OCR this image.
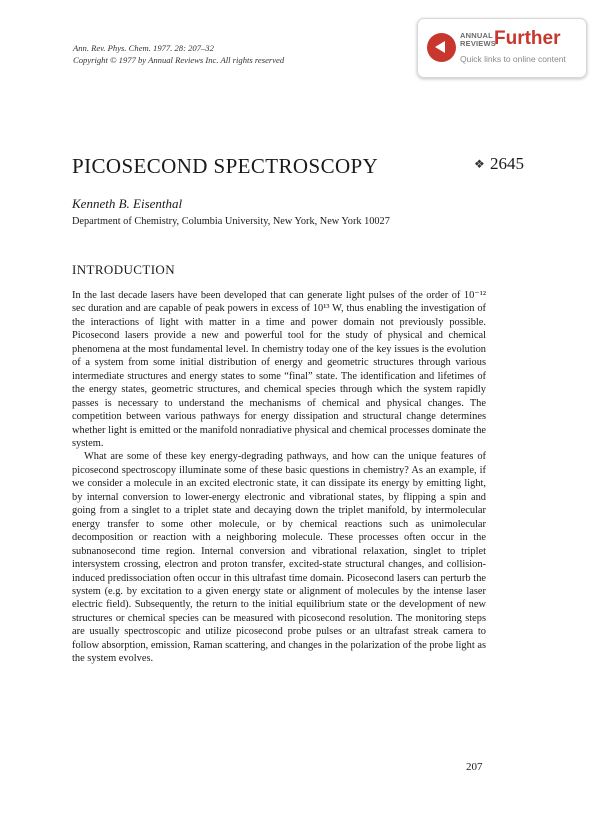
Ann. Rev. Phys. Chem. 1977. 28: 207–32
Copyright © 1977 by Annual Reviews Inc. All rights reserved
ANNUAL
REVIEWS
Further
Quick links to online content
PICOSECOND SPECTROSCOPY	❖ 2645
Kenneth B. Eisenthal
Department of Chemistry, Columbia University, New York, New York 10027
INTRODUCTION

In the last decade lasers have been developed that can generate light pulses of the order of 10⁻¹² sec duration and are capable of peak powers in excess of 10¹³ W, thus enabling the investigation of the interactions of light with matter in a time and power domain not previously possible. Picosecond lasers provide a new and powerful tool for the study of physical and chemical phenomena at the most fundamental level. In chemistry today one of the key issues is the evolution of a system from some initial distribution of energy and geometric structures through various intermediate structures and energy states to some “final” state. The identification and lifetimes of the energy states, geometric structures, and chemical species through which the system rapidly passes is necessary to understand the mechanisms of chemical and physical changes. The competition between various pathways for energy dissipation and structural change determines whether light is emitted or the manifold nonradiative physical and chemical processes dominate the system.

What are some of these key energy-degrading pathways, and how can the unique features of picosecond spectroscopy illuminate some of these basic questions in chemistry? As an example, if we consider a molecule in an excited electronic state, it can dissipate its energy by emitting light, by internal conversion to lower-energy electronic and vibrational states, by flipping a spin and going from a singlet to a triplet state and decaying down the triplet manifold, by intermolecular energy transfer to some other molecule, or by chemical reactions such as unimolecular decomposition or reaction with a neighboring molecule. These processes often occur in the subnanosecond time region. Internal conversion and vibrational relaxation, singlet to triplet intersystem crossing, electron and proton transfer, excited-state structural changes, and collision-induced predissociation often occur in this ultrafast time domain. Picosecond lasers can perturb the system (e.g. by excitation to a given energy state or alignment of molecules by the intense laser electric field). Subsequently, the return to the initial equilibrium state or the development of new structures or chemical species can be measured with picosecond resolution. The monitoring steps are usually spectroscopic and utilize picosecond probe pulses or an ultrafast streak camera to follow absorption, emission, Raman scattering, and changes in the polarization of the probe light as the system evolves.

207
